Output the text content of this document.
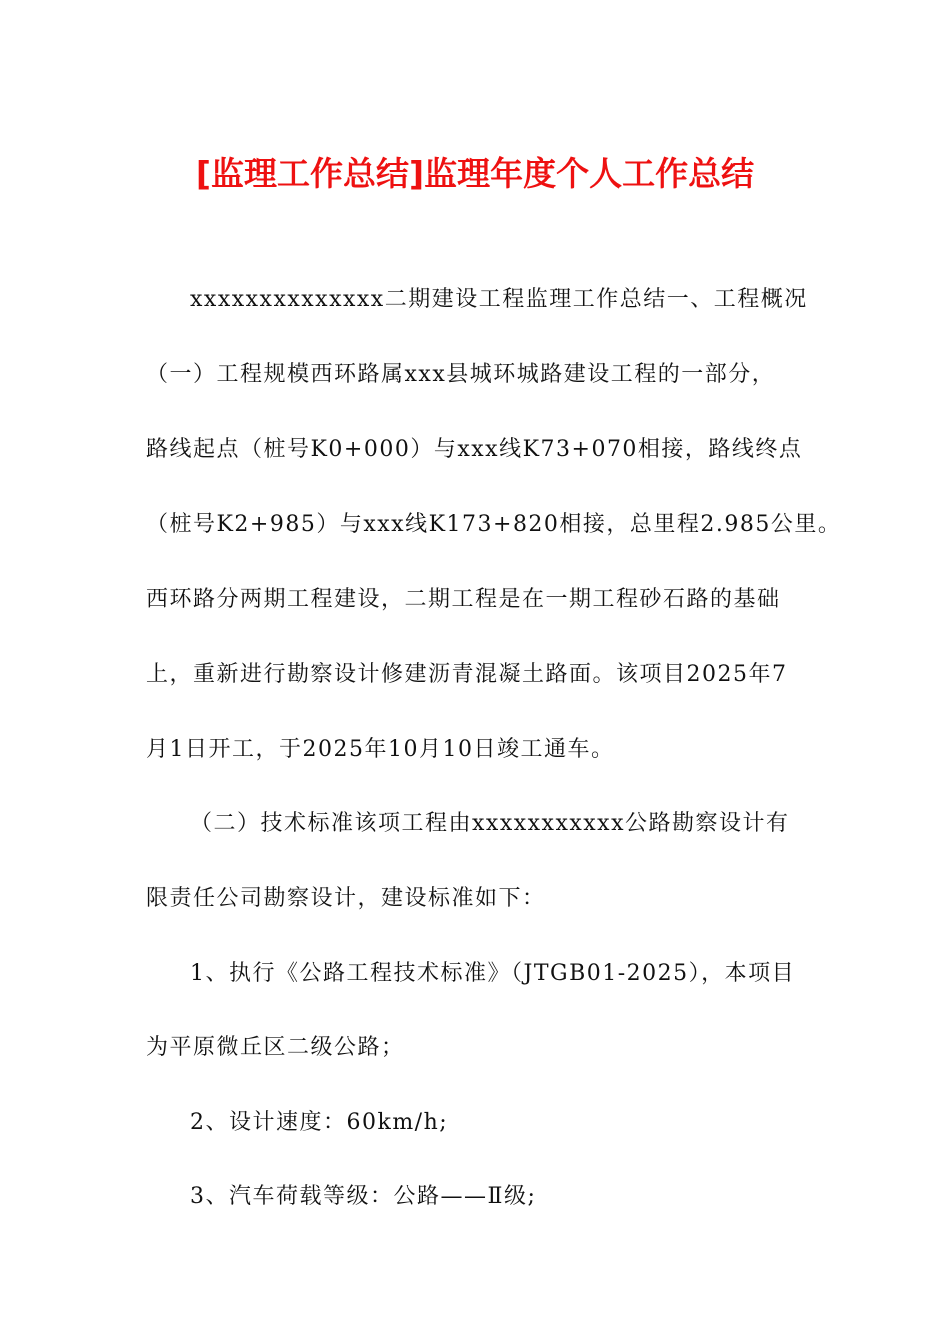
[监理工作总结]监理年度个人工作总结
xxxxxxxxxxxxxx二期建设工程监理工作总结一、工程概况
（一）工程规模西环路属xxx县城环城路建设工程的一部分，
路线起点（桩号K0+000）与xxx线K73+070相接，路线终点
（桩号K2+985）与xxx线K173+820相接，总里程2.985公里。
西环路分两期工程建设，二期工程是在一期工程砂石路的基础
上，重新进行勘察设计修建沥青混凝土路面。该项目2025年7
月1日开工，于2025年10月10日竣工通车。
（二）技术标准该项工程由xxxxxxxxxxx公路勘察设计有
限责任公司勘察设计，建设标准如下：
1、执行《公路工程技术标准》（JTGB01-2025），本项目
为平原微丘区二级公路；
2、设计速度：60km/h;
3、汽车荷载等级：公路——Ⅱ级;
